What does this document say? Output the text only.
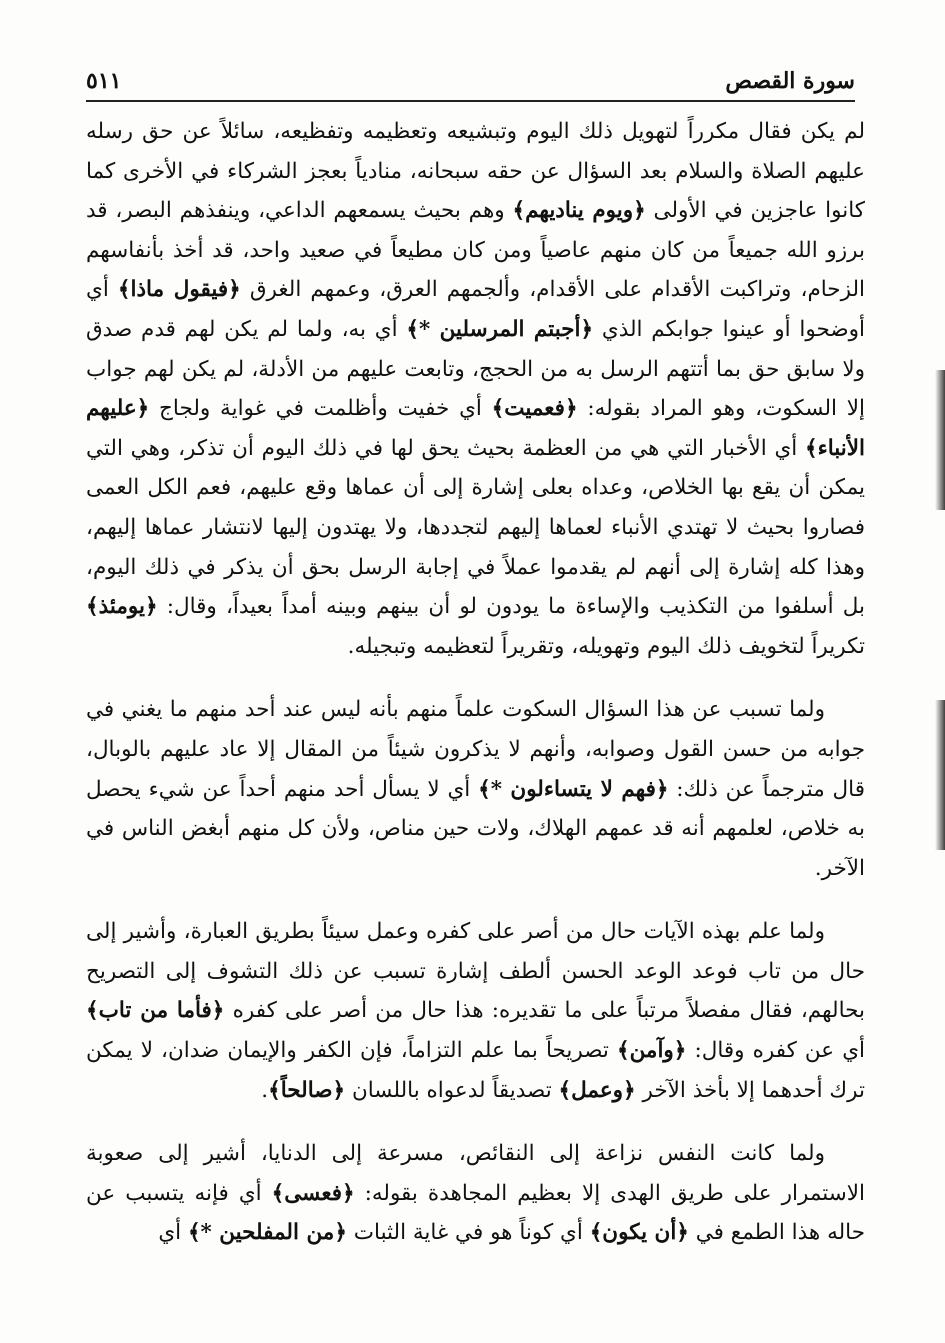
سورة القصص
٥١١

لم يكن فقال مكرراً لتهويل ذلك اليوم وتبشيعه وتعظيمه وتفظيعه، سائلاً عن حق رسله عليهم الصلاة والسلام بعد السؤال عن حقه سبحانه، منادياً بعجز الشركاء في الأخرى كما كانوا عاجزين في الأولى ﴿ويوم يناديهم﴾ وهم بحيث يسمعهم الداعي، وينفذهم البصر، قد برزو الله جميعاً من كان منهم عاصياً ومن كان مطيعاً في صعيد واحد، قد أخذ بأنفاسهم الزحام، وتراكبت الأقدام على الأقدام، وألجمهم العرق، وعمهم الغرق ﴿فيقول ماذا﴾ أي أوضحوا أو عينوا جوابكم الذي ﴿أجبتم المرسلين *﴾ أي به، ولما لم يكن لهم قدم صدق ولا سابق حق بما أتتهم الرسل به من الحجج، وتابعت عليهم من الأدلة، لم يكن لهم جواب إلا السكوت، وهو المراد بقوله: ﴿فعميت﴾ أي خفيت وأظلمت في غواية ولجاج ﴿عليهم الأنباء﴾ أي الأخبار التي هي من العظمة بحيث يحق لها في ذلك اليوم أن تذكر، وهي التي يمكن أن يقع بها الخلاص، وعداه بعلى إشارة إلى أن عماها وقع عليهم، فعم الكل العمى فصاروا بحيث لا تهتدي الأنباء لعماها إليهم لتجددها، ولا يهتدون إليها لانتشار عماها إليهم، وهذا كله إشارة إلى أنهم لم يقدموا عملاً في إجابة الرسل بحق أن يذكر في ذلك اليوم، بل أسلفوا من التكذيب والإساءة ما يودون لو أن بينهم وبينه أمداً بعيداً، وقال: ﴿يومئذ﴾ تكريراً لتخويف ذلك اليوم وتهويله، وتقريراً لتعظيمه وتبجيله.

ولما تسبب عن هذا السؤال السكوت علماً منهم بأنه ليس عند أحد منهم ما يغني في جوابه من حسن القول وصوابه، وأنهم لا يذكرون شيئاً من المقال إلا عاد عليهم بالوبال، قال مترجماً عن ذلك: ﴿فهم لا يتساءلون *﴾ أي لا يسأل أحد منهم أحداً عن شيء يحصل به خلاص، لعلمهم أنه قد عمهم الهلاك، ولات حين مناص، ولأن كل منهم أبغض الناس في الآخر.

ولما علم بهذه الآيات حال من أصر على كفره وعمل سيئاً بطريق العبارة، وأشير إلى حال من تاب فوعد الوعد الحسن ألطف إشارة تسبب عن ذلك التشوف إلى التصريح بحالهم، فقال مفصلاً مرتباً على ما تقديره: هذا حال من أصر على كفره ﴿فأما من تاب﴾ أي عن كفره وقال: ﴿وآمن﴾ تصريحاً بما علم التزاماً، فإن الكفر والإيمان ضدان، لا يمكن ترك أحدهما إلا بأخذ الآخر ﴿وعمل﴾ تصديقاً لدعواه باللسان ﴿صالحاً﴾.

ولما كانت النفس نزاعة إلى النقائص، مسرعة إلى الدنايا، أشير إلى صعوبة الاستمرار على طريق الهدى إلا بعظيم المجاهدة بقوله: ﴿فعسى﴾ أي فإنه يتسبب عن حاله هذا الطمع في ﴿أن يكون﴾ أي كوناً هو في غاية الثبات ﴿من المفلحين *﴾ أي
